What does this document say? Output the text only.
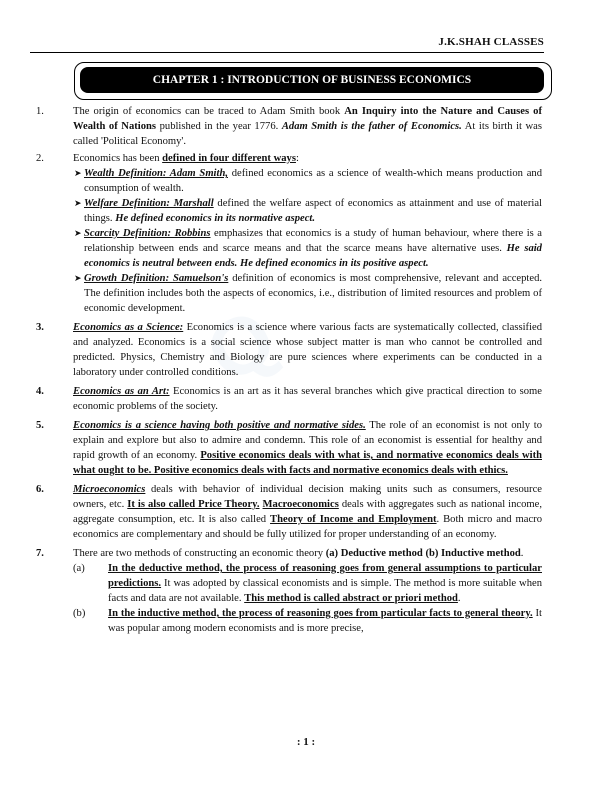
Q
J.K.SHAH CLASSES
CHAPTER 1 : INTRODUCTION OF BUSINESS ECONOMICS
1.	The origin of economics can be traced to Adam Smith book An Inquiry into the Nature and Causes of Wealth of Nations published in the year 1776. Adam Smith is the father of Economics. At its birth it was called 'Political Economy'.
2.	Economics has been defined in four different ways:
➤ Wealth Definition: Adam Smith, defined economics as a science of wealth-which means production and consumption of wealth.
➤ Welfare Definition: Marshall defined the welfare aspect of economics as attainment and use of material things. He defined economics in its normative aspect.
➤ Scarcity Definition: Robbins emphasizes that economics is a study of human behaviour, where there is a relationship between ends and scarce means and that the scarce means have alternative uses. He said economics is neutral between ends. He defined economics in its positive aspect.
➤ Growth Definition: Samuelson's definition of economics is most comprehensive, relevant and accepted. The definition includes both the aspects of economics, i.e., distribution of limited resources and problem of economic development.
3.	Economics as a Science: Economics is a science where various facts are systematically collected, classified and analyzed. Economics is a social science whose subject matter is man who cannot be controlled and predicted. Physics, Chemistry and Biology are pure sciences where experiments can be conducted in a laboratory under controlled conditions.
4.	Economics as an Art: Economics is an art as it has several branches which give practical direction to some economic problems of the society.
5.	Economics is a science having both positive and normative sides. The role of an economist is not only to explain and explore but also to admire and condemn. This role of an economist is essential for healthy and rapid growth of an economy. Positive economics deals with what is, and normative economics deals with what ought to be. Positive economics deals with facts and normative economics deals with ethics.
6.	Microeconomics deals with behavior of individual decision making units such as consumers, resource owners, etc. It is also called Price Theory. Macroeconomics deals with aggregates such as national income, aggregate consumption, etc. It is also called Theory of Income and Employment. Both micro and macro economics are complementary and should be fully utilized for proper understanding of an economy.
7.	There are two methods of constructing an economic theory (a) Deductive method (b) Inductive method.
(a) In the deductive method, the process of reasoning goes from general assumptions to particular predictions. It was adopted by classical economists and is simple. The method is more suitable when facts and data are not available. This method is called abstract or priori method.
(b) In the inductive method, the process of reasoning goes from particular facts to general theory. It was popular among modern economists and is more precise,
: 1 :
